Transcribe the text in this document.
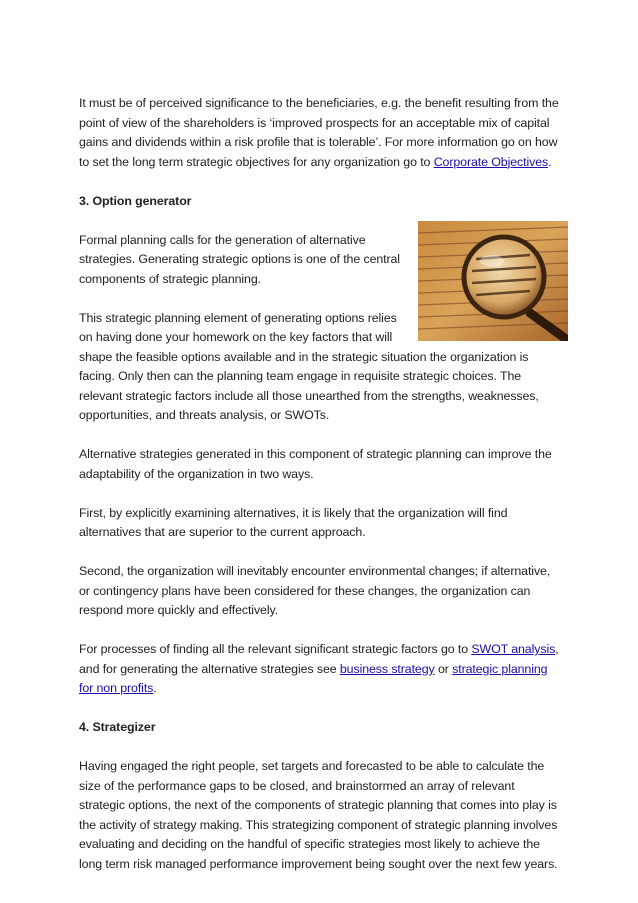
It must be of perceived significance to the beneficiaries, e.g. the benefit resulting from the point of view of the shareholders is ‘improved prospects for an acceptable mix of capital gains and dividends within a risk profile that is tolerable’. For more information go on how to set the long term strategic objectives for any organization go to Corporate Objectives.

3. Option generator

Formal planning calls for the generation of alternative strategies. Generating strategic options is one of the central components of strategic planning.

This strategic planning element of generating options relies on having done your homework on the key factors that will shape the feasible options available and in the strategic situation the organization is facing. Only then can the planning team engage in requisite strategic choices. The relevant strategic factors include all those unearthed from the strengths, weaknesses, opportunities, and threats analysis, or SWOTs.

Alternative strategies generated in this component of strategic planning can improve the adaptability of the organization in two ways.

First, by explicitly examining alternatives, it is likely that the organization will find alternatives that are superior to the current approach.

Second, the organization will inevitably encounter environmental changes; if alternative, or contingency plans have been considered for these changes, the organization can respond more quickly and effectively.

For processes of finding all the relevant significant strategic factors go to SWOT analysis, and for generating the alternative strategies see business strategy or strategic planning for non profits.

4. Strategizer

Having engaged the right people, set targets and forecasted to be able to calculate the size of the performance gaps to be closed, and brainstormed an array of relevant strategic options, the next of the components of strategic planning that comes into play is the activity of strategy making. This strategizing component of strategic planning involves evaluating and deciding on the handful of specific strategies most likely to achieve the long term risk managed performance improvement being sought over the next few years.
